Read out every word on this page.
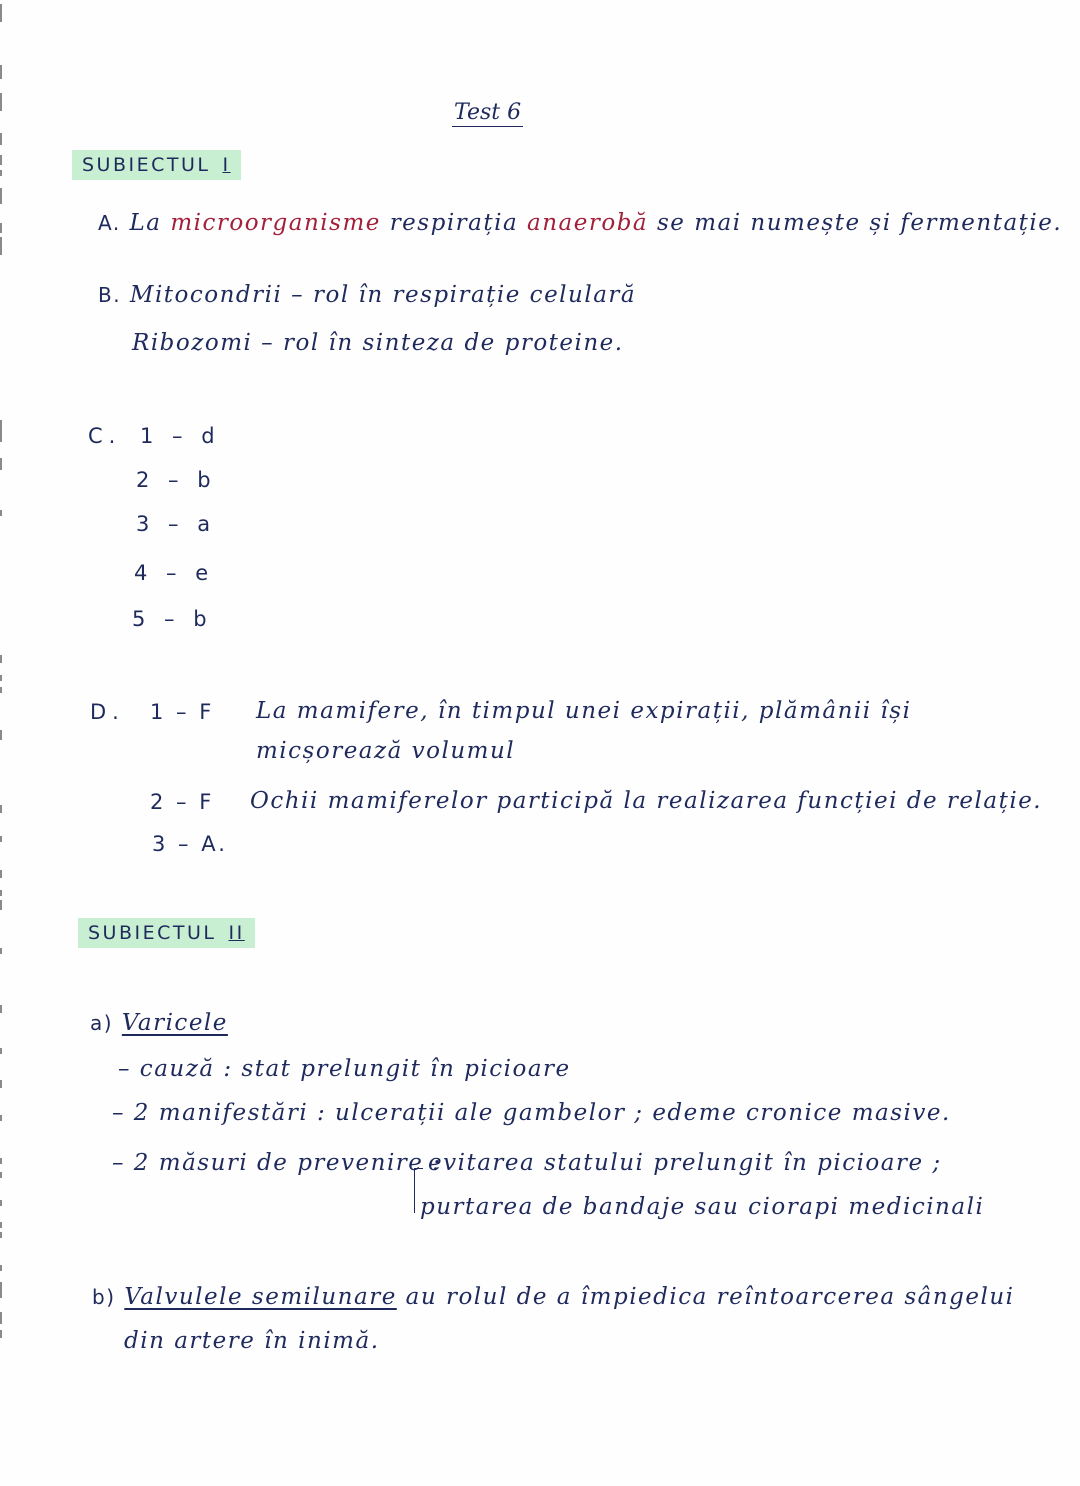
Test 6
SUBIECTUL I
A. La microorganisme respirația anaerobă se mai numește și fermentație.
B. Mitocondrii – rol în respirație celulară
Ribozomi – rol în sinteza de proteine.
C. 1 – d
2 – b
3 – a
4 – e
5 – b
D. 1 – F La mamifere, în timpul unei expirații, plămânii își
micșorează volumul
2 – F Ochii mamiferelor participă la realizarea funcției de relație.
3 – A.
SUBIECTUL II
a) Varicele
– cauză : stat prelungit în picioare
– 2 manifestări : ulcerații ale gambelor ; edeme cronice masive.
– 2 măsuri de prevenire :
evitarea statului prelungit în picioare ;
purtarea de bandaje sau ciorapi medicinali
b) Valvulele semilunare au rolul de a împiedica reîntoarcerea sângelui
din artere în inimă.
